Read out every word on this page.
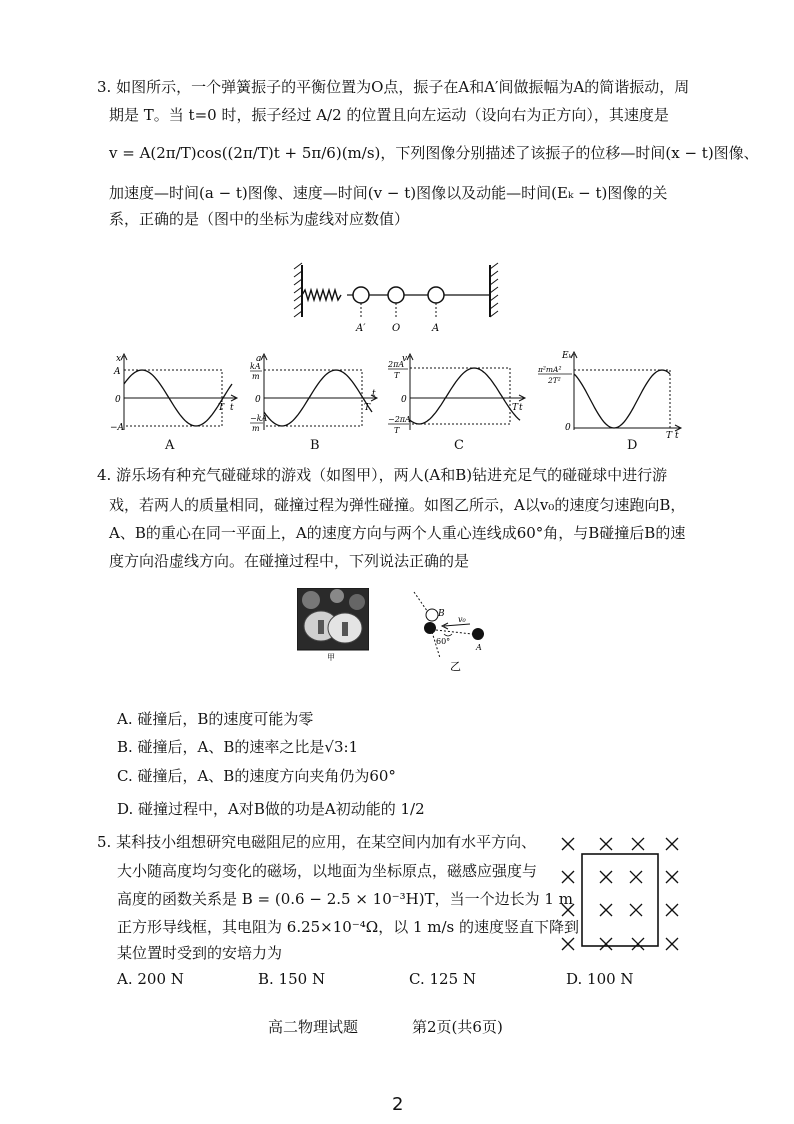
3. 如图所示，一个弹簧振子的平衡位置为O点，振子在A和A′间做振幅为A的简谐振动，周
期是 T。当 t=0 时，振子经过 A/2 的位置且向左运动（设向右为正方向），其速度是
v = A(2π/T)cos((2π/T)t + 5π/6)(m/s)，下列图像分别描述了该振子的位移—时间(x − t)图像、
加速度—时间(a − t)图像、速度—时间(v − t)图像以及动能—时间(Eₖ − t)图像的关
系，正确的是（图中的坐标为虚线对应数值）
A′	O	A
x
A
0
−A
T t
A
a
kA
m
0
−kA
m
T
t
B
v
2πA
T
0
−2πA
T
T t
C
Eₖ
π²mA²
2T²
0
T t
D
4. 游乐场有种充气碰碰球的游戏（如图甲），两人(A和B)钻进充足气的碰碰球中进行游
戏，若两人的质量相同，碰撞过程为弹性碰撞。如图乙所示，A以v₀的速度匀速跑向B，
A、B的重心在同一平面上，A的速度方向与两个人重心连线成60°角，与B碰撞后B的速
度方向沿虚线方向。在碰撞过程中，下列说法正确的是
甲
B
60°
v₀
A
乙
A. 碰撞后，B的速度可能为零
B. 碰撞后，A、B的速率之比是√3:1
C. 碰撞后，A、B的速度方向夹角仍为60°
D. 碰撞过程中，A对B做的功是A初动能的 1/2
5. 某科技小组想研究电磁阻尼的应用，在某空间内加有水平方向、
大小随高度均匀变化的磁场，以地面为坐标原点，磁感应强度与
高度的函数关系是 B = (0.6 − 2.5 × 10⁻³H)T，当一个边长为 1 m
正方形导线框，其电阻为 6.25×10⁻⁴Ω，以 1 m/s 的速度竖直下降到
某位置时受到的安培力为
A. 200 N	B. 150 N	C. 125 N	D. 100 N
高二物理试题	第2页(共6页)
2
